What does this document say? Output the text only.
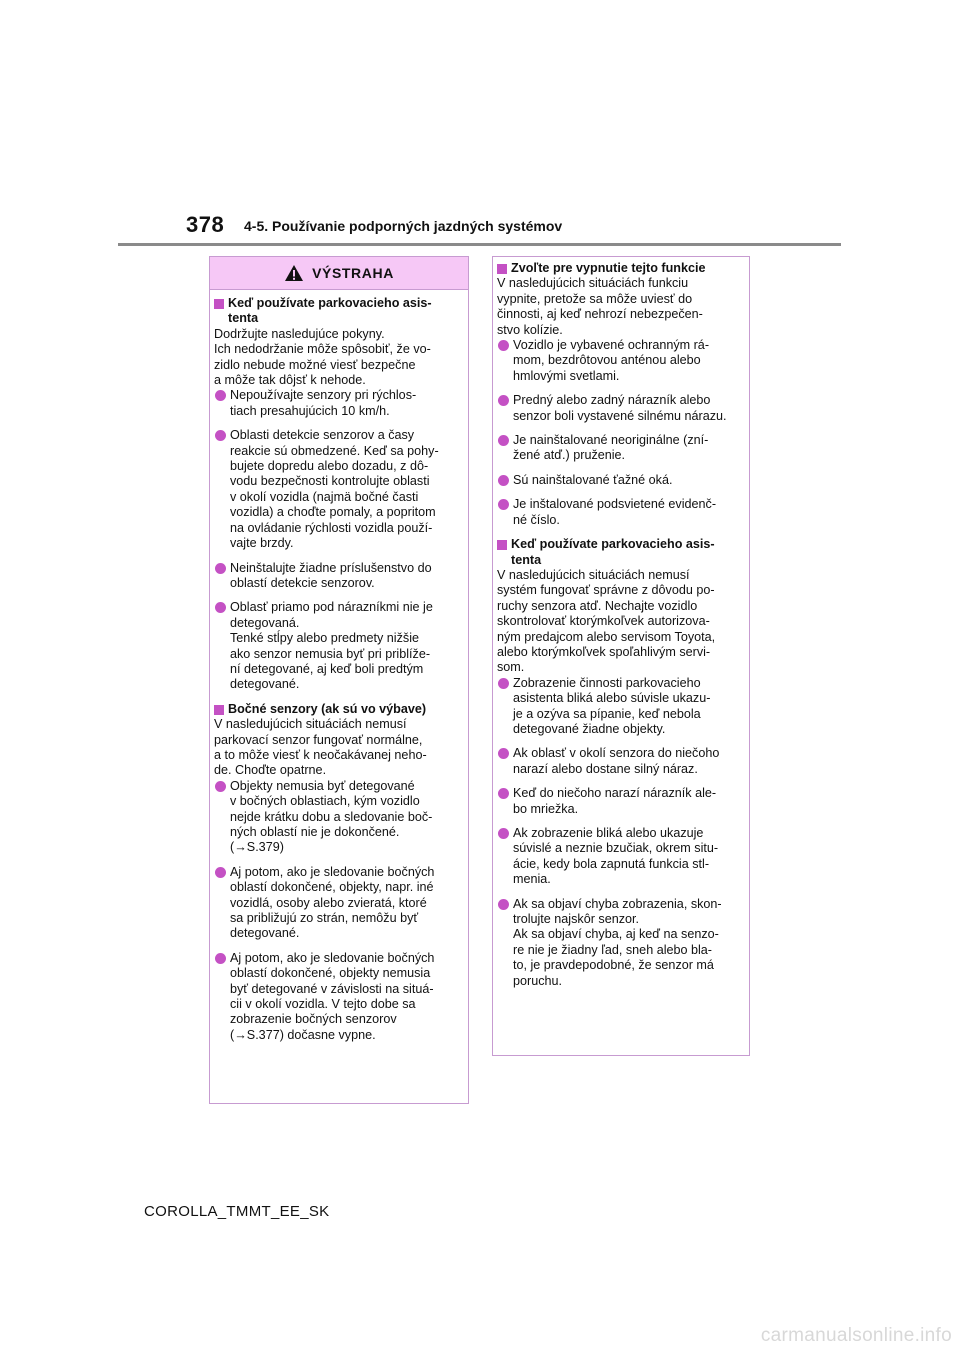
378 4-5. Používanie podporných jazdných systémov
VÝSTRAHA
Keď používate parkovacieho asis-
tenta
Dodržujte nasledujúce pokyny.
Ich nedodržanie môže spôsobiť, že vo-
zidlo nebude možné viesť bezpečne
a môže tak dôjsť k nehode.
Nepoužívajte senzory pri rýchlos-
tiach presahujúcich 10 km/h.
Oblasti detekcie senzorov a časy
reakcie sú obmedzené. Keď sa pohy-
bujete dopredu alebo dozadu, z dô-
vodu bezpečnosti kontrolujte oblasti
v okolí vozidla (najmä bočné časti
vozidla) a choďte pomaly, a popritom
na ovládanie rýchlosti vozidla použí-
vajte brzdy.
Neinštalujte žiadne príslušenstvo do
oblastí detekcie senzorov.
Oblasť priamo pod nárazníkmi nie je
detegovaná.
Tenké stĺpy alebo predmety nižšie
ako senzor nemusia byť pri priblíže-
ní detegované, aj keď boli predtým
detegované.
Bočné senzory (ak sú vo výbave)
V nasledujúcich situáciách nemusí
parkovací senzor fungovať normálne,
a to môže viesť k neočakávanej neho-
de. Choďte opatrne.
Objekty nemusia byť detegované
v bočných oblastiach, kým vozidlo
nejde krátku dobu a sledovanie boč-
ných oblastí nie je dokončené.
(→S.379)
Aj potom, ako je sledovanie bočných
oblastí dokončené, objekty, napr. iné
vozidlá, osoby alebo zvieratá, ktoré
sa približujú zo strán, nemôžu byť
detegované.
Aj potom, ako je sledovanie bočných
oblastí dokončené, objekty nemusia
byť detegované v závislosti na situá-
cii v okolí vozidla. V tejto dobe sa
zobrazenie bočných senzorov
(→S.377) dočasne vypne.
Zvoľte pre vypnutie tejto funkcie
V nasledujúcich situáciách funkciu
vypnite, pretože sa môže uviesť do
činnosti, aj keď nehrozí nebezpečen-
stvo kolízie.
Vozidlo je vybavené ochranným rá-
mom, bezdrôtovou anténou alebo
hmlovými svetlami.
Predný alebo zadný nárazník alebo
senzor boli vystavené silnému nárazu.
Je nainštalované neoriginálne (zní-
žené atď.) pruženie.
Sú nainštalované ťažné oká.
Je inštalované podsvietené evidenč-
né číslo.
Keď používate parkovacieho asis-
tenta
V nasledujúcich situáciách nemusí
systém fungovať správne z dôvodu po-
ruchy senzora atď. Nechajte vozidlo
skontrolovať ktorýmkoľvek autorizova-
ným predajcom alebo servisom Toyota,
alebo ktorýmkoľvek spoľahlivým servi-
som.
Zobrazenie činnosti parkovacieho
asistenta bliká alebo súvisle ukazu-
je a ozýva sa pípanie, keď nebola
detegované žiadne objekty.
Ak oblasť v okolí senzora do niečoho
narazí alebo dostane silný náraz.
Keď do niečoho narazí nárazník ale-
bo mriežka.
Ak zobrazenie bliká alebo ukazuje
súvislé a neznie bzučiak, okrem situ-
ácie, kedy bola zapnutá funkcia stl-
menia.
Ak sa objaví chyba zobrazenia, skon-
trolujte najskôr senzor.
Ak sa objaví chyba, aj keď na senzo-
re nie je žiadny ľad, sneh alebo bla-
to, je pravdepodobné, že senzor má
poruchu.
COROLLA_TMMT_EE_SK
carmanualsonline.info
